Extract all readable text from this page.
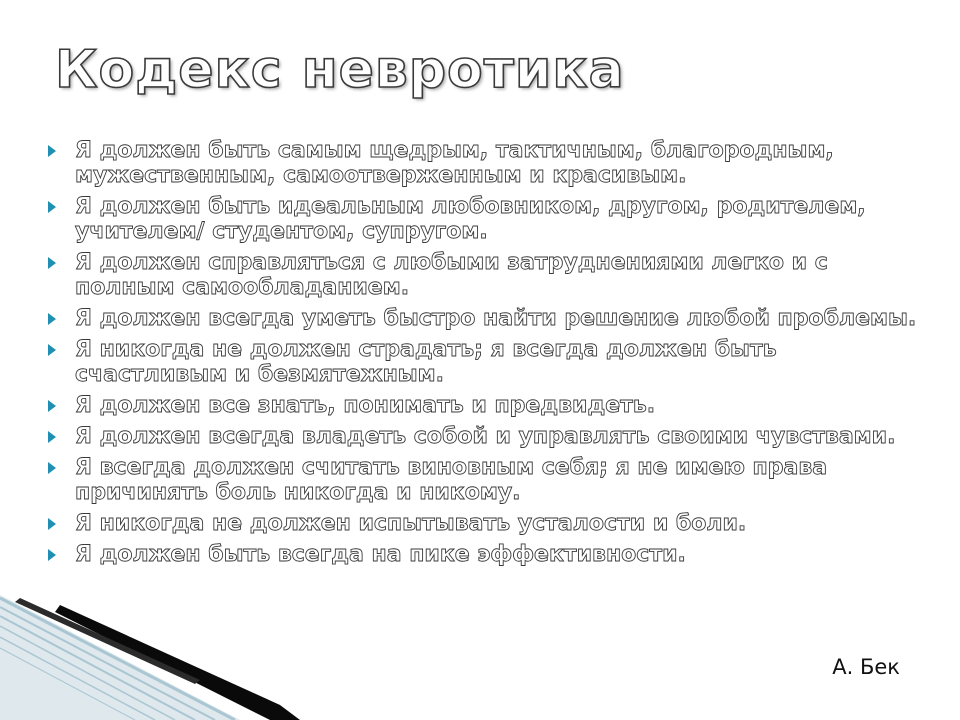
Кодекс невротика
Я должен быть самым щедрым, тактичным, благородным, мужественным, самоотверженным и красивым.
Я должен быть идеальным любовником, другом, родителем, учителем/ студентом, супругом.
Я должен справляться с любыми затруднениями легко и с полным самообладанием.
Я должен всегда уметь быстро найти решение любой проблемы.
Я никогда не должен страдать; я всегда должен быть счастливым и безмятежным.
Я должен все знать, понимать и предвидеть.
Я должен всегда владеть собой и управлять своими чувствами.
Я всегда должен считать виновным себя; я не имею права причинять боль никогда и никому.
Я никогда не должен испытывать усталости и боли.
Я должен быть всегда на пике эффективности.
А. Бек
